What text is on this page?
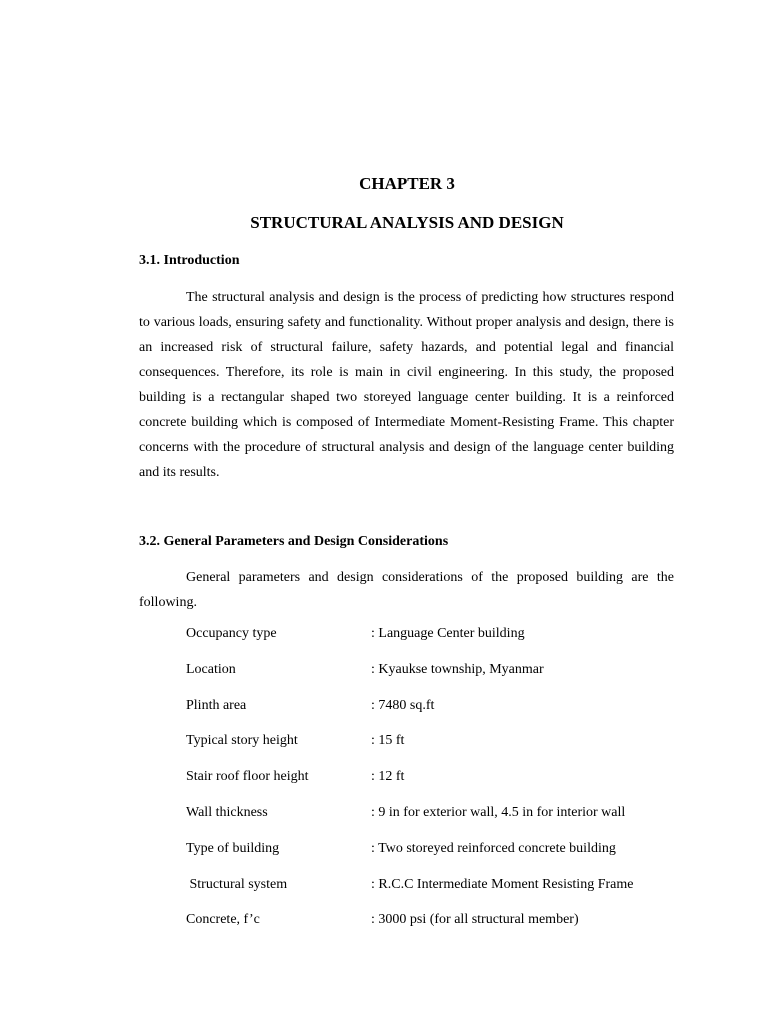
CHAPTER 3
STRUCTURAL ANALYSIS AND DESIGN
3.1. Introduction

The structural analysis and design is the process of predicting how structures respond to various loads, ensuring safety and functionality. Without proper analysis and design, there is an increased risk of structural failure, safety hazards, and potential legal and financial consequences. Therefore, its role is main in civil engineering. In this study, the proposed building is a rectangular shaped two storeyed language center building. It is a reinforced concrete building which is composed of Intermediate Moment-Resisting Frame. This chapter concerns with the procedure of structural analysis and design of the language center building and its results.

3.2. General Parameters and Design Considerations

General parameters and design considerations of the proposed building are the following.

Occupancy type	: Language Center building
Location	: Kyaukse township, Myanmar
Plinth area	: 7480 sq.ft
Typical story height	: 15 ft
Stair roof floor height	: 12 ft
Wall thickness	: 9 in for exterior wall, 4.5 in for interior wall
Type of building	: Two storeyed reinforced concrete building
Structural system	: R.C.C Intermediate Moment Resisting Frame
Concrete, f’c	: 3000 psi (for all structural member)
